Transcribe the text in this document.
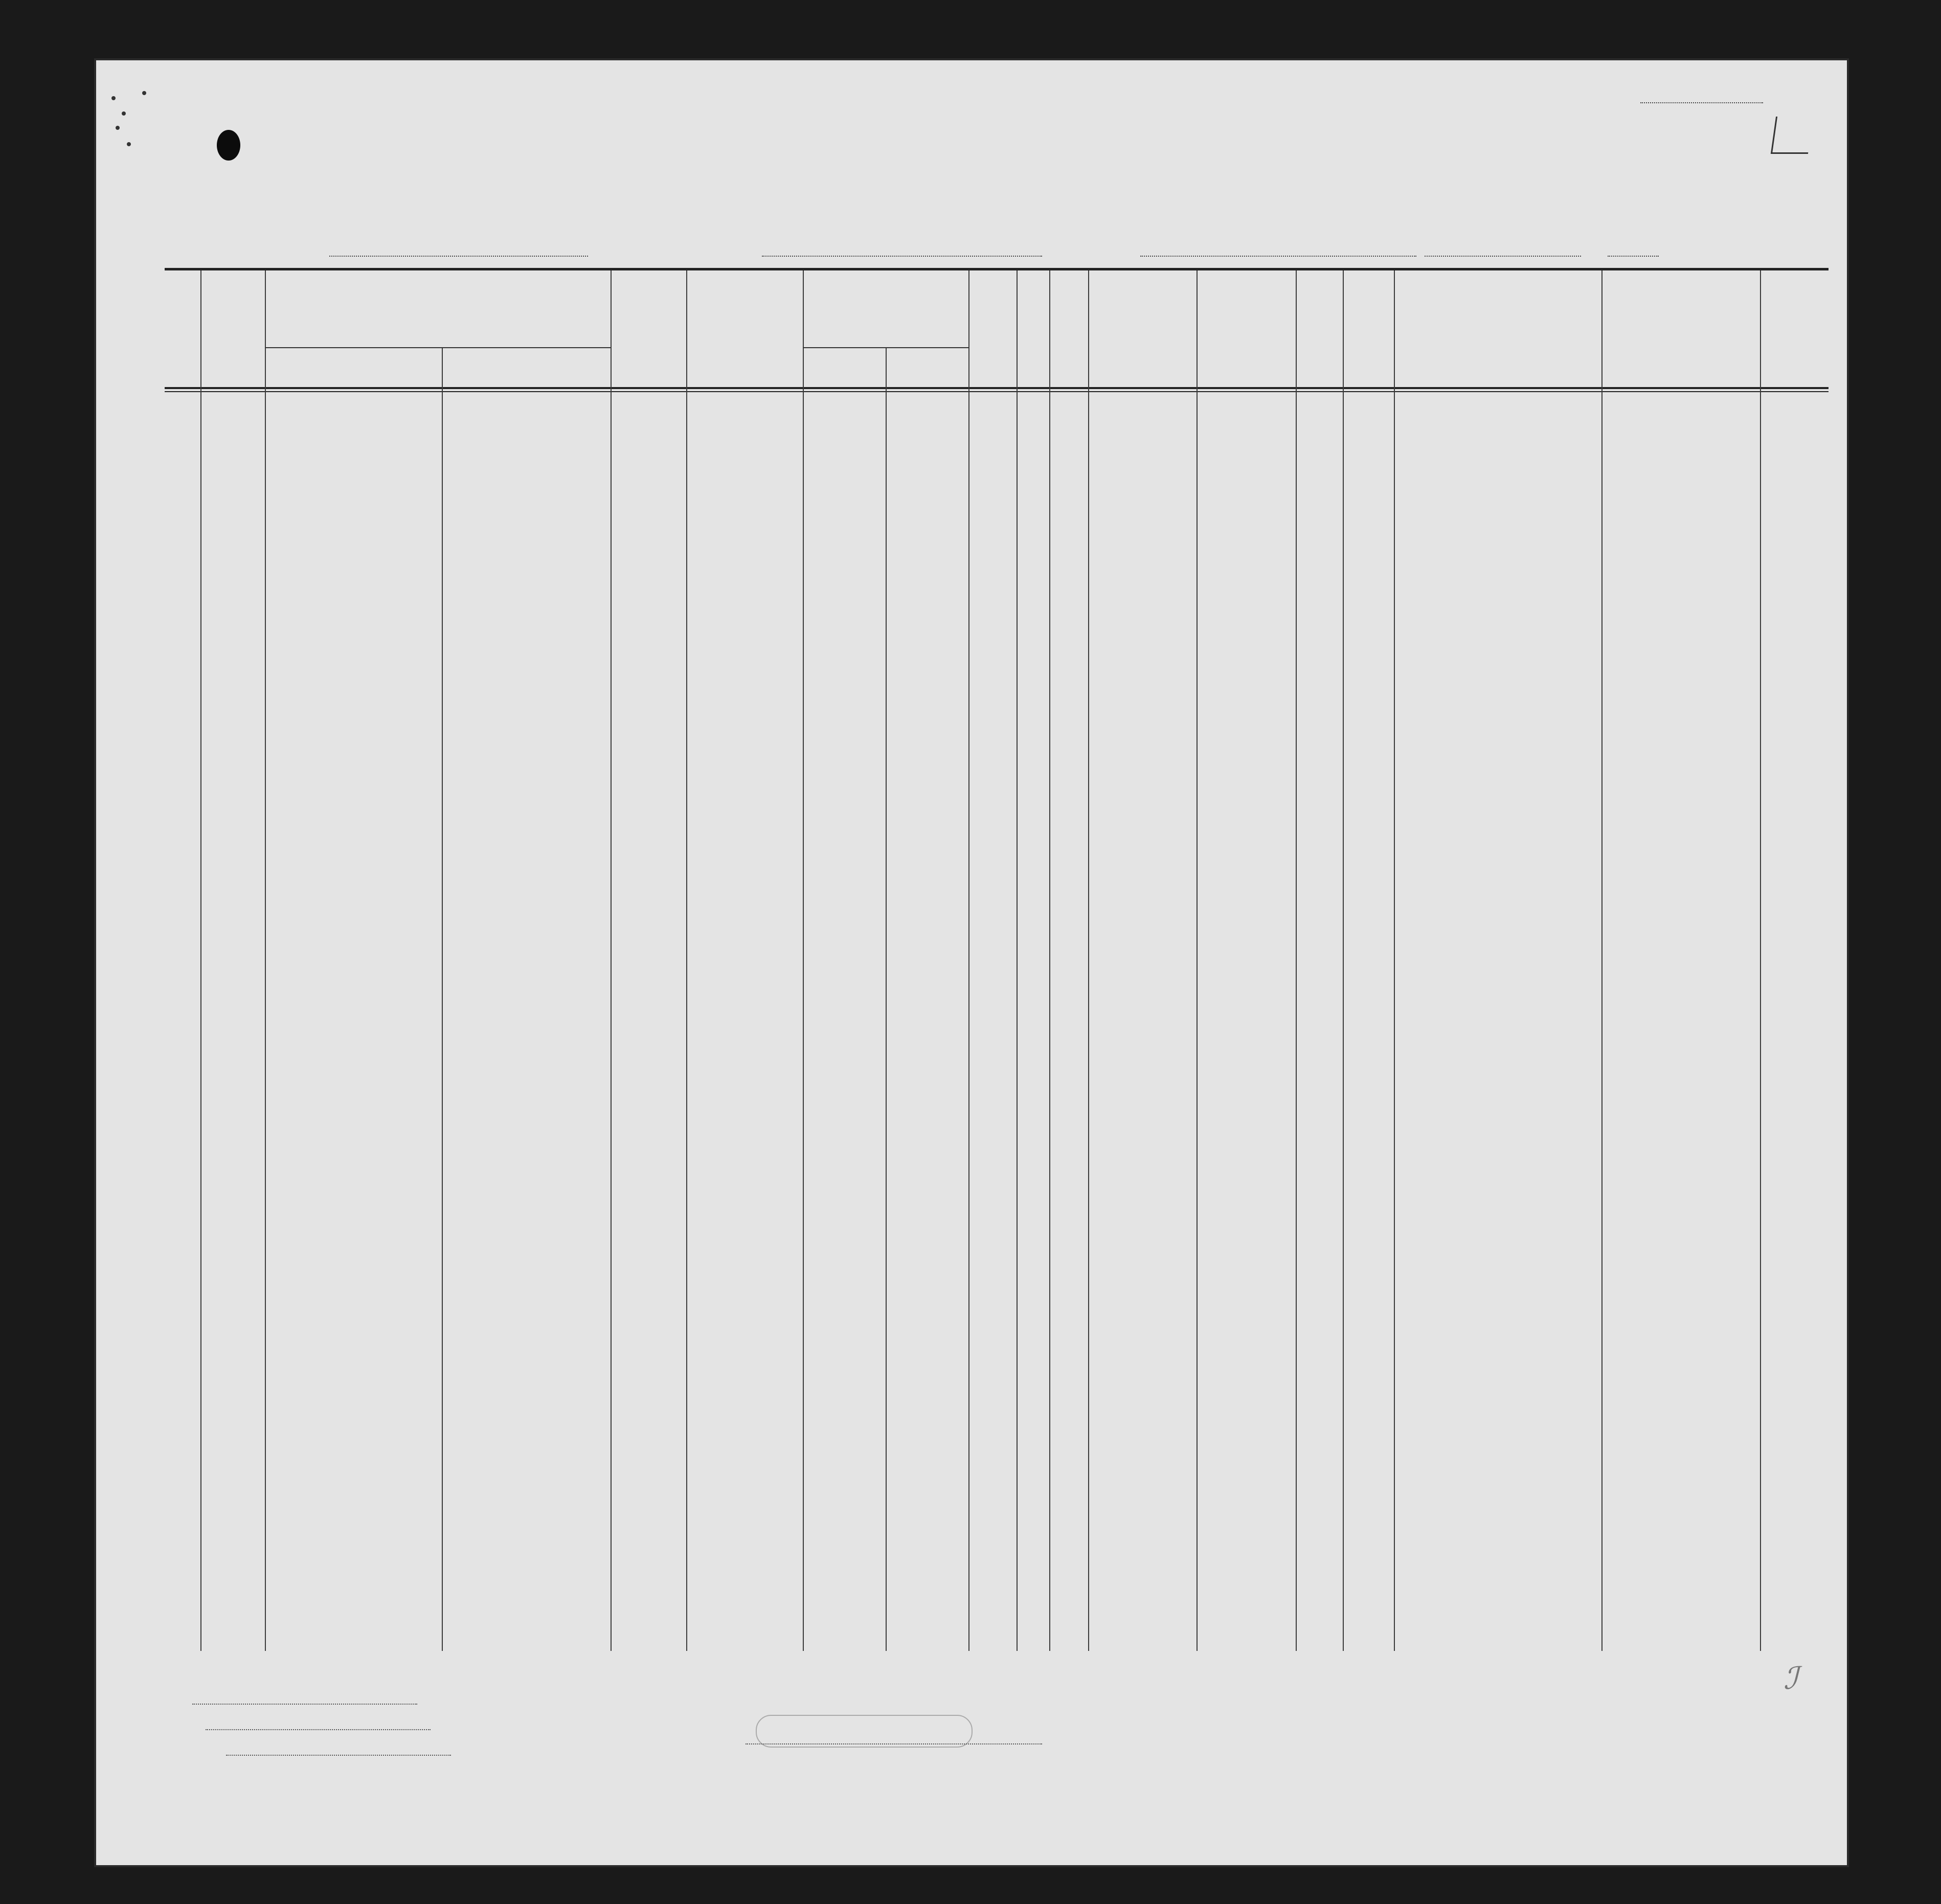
ℐ
